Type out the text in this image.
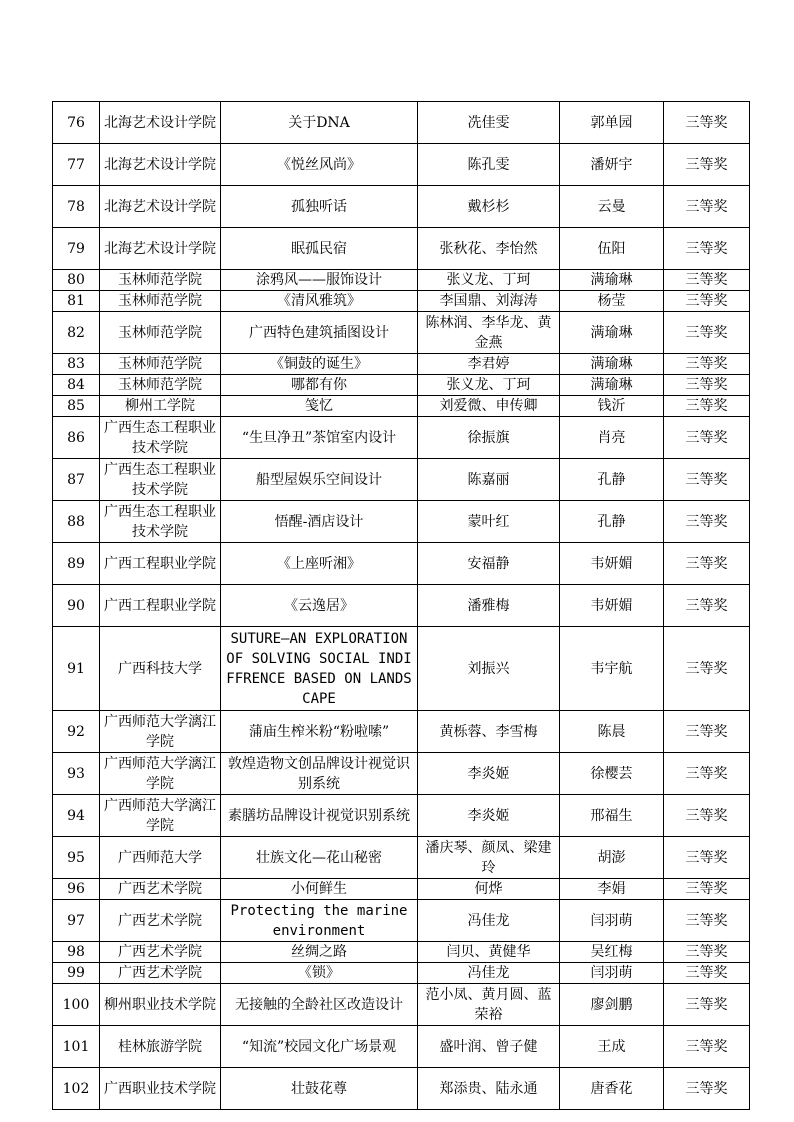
76	北海艺术设计学院	关于DNA	冼佳雯	郭单园	三等奖
77	北海艺术设计学院	《悦丝风尚》	陈孔雯	潘妍宇	三等奖
78	北海艺术设计学院	孤独听话	戴杉杉	云曼	三等奖
79	北海艺术设计学院	眠孤民宿	张秋花、李怡然	伍阳	三等奖
80	玉林师范学院	涂鸦风——服饰设计	张义龙、丁珂	满瑜琳	三等奖
81	玉林师范学院	《清风雅筑》	李国鼎、刘海涛	杨莹	三等奖
82	玉林师范学院	广西特色建筑插图设计	陈林润、李华龙、黄金燕	满瑜琳	三等奖
83	玉林师范学院	《铜鼓的诞生》	李君婷	满瑜琳	三等奖
84	玉林师范学院	哪都有你	张义龙、丁珂	满瑜琳	三等奖
85	柳州工学院	笺忆	刘爱微、申传卿	钱沂	三等奖
86	广西生态工程职业技术学院	“生旦净丑”茶馆室内设计	徐振旗	肖亮	三等奖
87	广西生态工程职业技术学院	船型屋娱乐空间设计	陈嘉丽	孔静	三等奖
88	广西生态工程职业技术学院	悟醒-酒店设计	蒙叶红	孔静	三等奖
89	广西工程职业学院	《上座听湘》	安福静	韦妍媚	三等奖
90	广西工程职业学院	《云逸居》	潘雅梅	韦妍媚	三等奖
91	广西科技大学	SUTURE—AN EXPLORATION OF SOLVING SOCIAL INDIFFRENCE BASED ON LANDSCAPE	刘振兴	韦宇航	三等奖
92	广西师范大学漓江学院	蒲庙生榨米粉“粉啦嗦”	黄栎蓉、李雪梅	陈晨	三等奖
93	广西师范大学漓江学院	敦煌造物文创品牌设计视觉识别系统	李炎姬	徐樱芸	三等奖
94	广西师范大学漓江学院	素膳坊品牌设计视觉识别系统	李炎姬	邢福生	三等奖
95	广西师范大学	壮族文化—花山秘密	潘庆琴、颜凤、梁建玲	胡澎	三等奖
96	广西艺术学院	小何鲜生	何烨	李娟	三等奖
97	广西艺术学院	Protecting the marine environment	冯佳龙	闫羽萌	三等奖
98	广西艺术学院	丝绸之路	闫贝、黄健华	吴红梅	三等奖
99	广西艺术学院	《锁》	冯佳龙	闫羽萌	三等奖
100	柳州职业技术学院	无接触的全龄社区改造设计	范小凤、黄月圆、蓝荣裕	廖剑鹏	三等奖
101	桂林旅游学院	“知流”校园文化广场景观	盛叶润、曾子健	王成	三等奖
102	广西职业技术学院	壮鼓花尊	郑添贵、陆永通	唐香花	三等奖
